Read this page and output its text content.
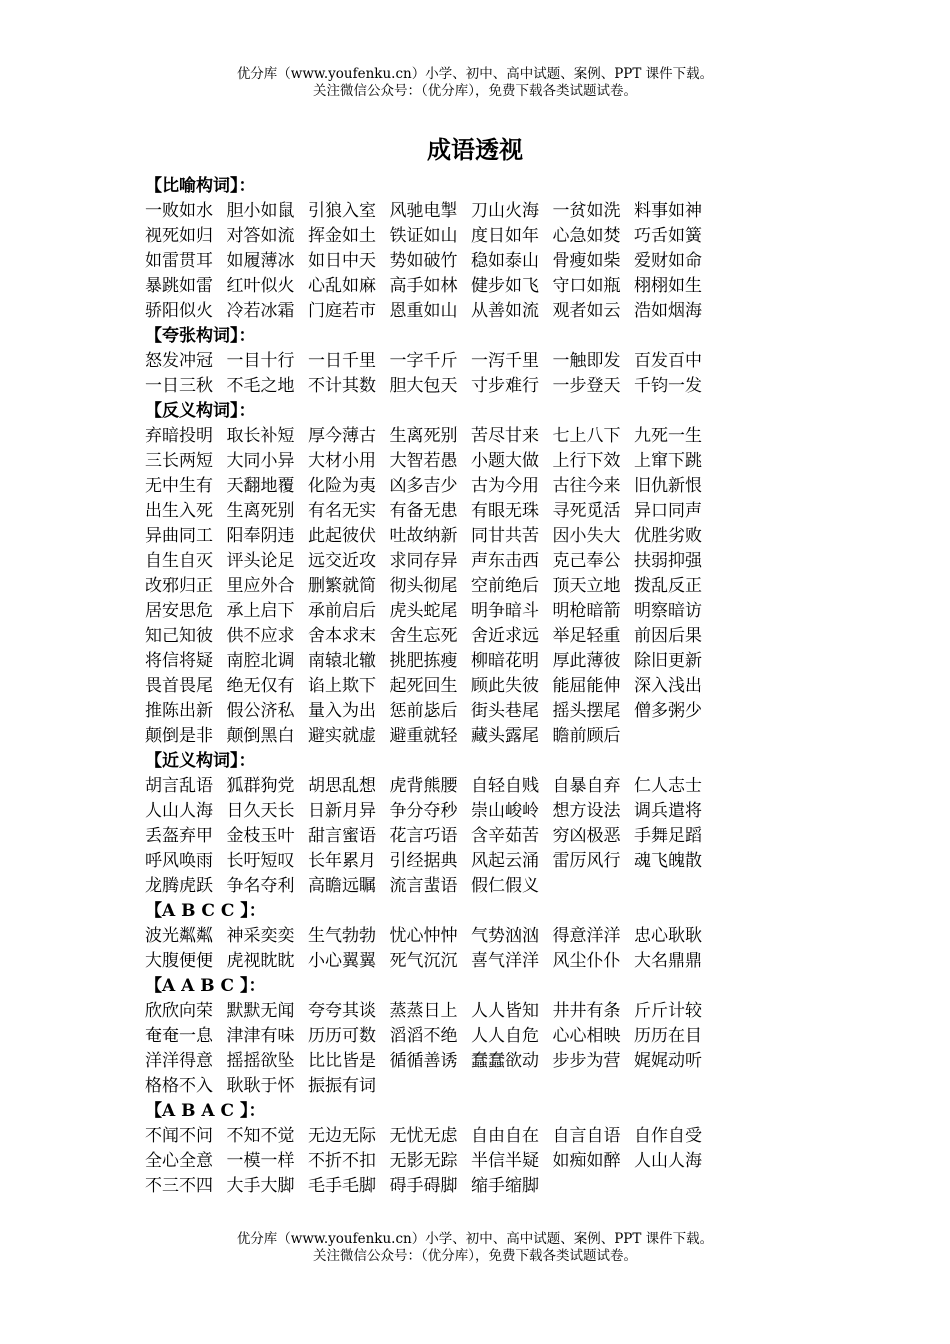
优分库（www.youfenku.cn）小学、初中、高中试题、案例、PPT 课件下载。
关注微信公众号：（优分库），免费下载各类试题试卷。
成语透视
【比喻构词】：
一败如水 胆小如鼠 引狼入室 风驰电掣 刀山火海 一贫如洗 料事如神
视死如归 对答如流 挥金如土 铁证如山 度日如年 心急如焚 巧舌如簧
如雷贯耳 如履薄冰 如日中天 势如破竹 稳如泰山 骨瘦如柴 爱财如命
暴跳如雷 红叶似火 心乱如麻 高手如林 健步如飞 守口如瓶 栩栩如生
骄阳似火 冷若冰霜 门庭若市 恩重如山 从善如流 观者如云 浩如烟海
【夸张构词】：
怒发冲冠 一目十行 一日千里 一字千斤 一泻千里 一触即发 百发百中
一日三秋 不毛之地 不计其数 胆大包天 寸步难行 一步登天 千钧一发
【反义构词】：
弃暗投明 取长补短 厚今薄古 生离死别 苦尽甘来 七上八下 九死一生
三长两短 大同小异 大材小用 大智若愚 小题大做 上行下效 上窜下跳
无中生有 天翻地覆 化险为夷 凶多吉少 古为今用 古往今来 旧仇新恨
出生入死 生离死别 有名无实 有备无患 有眼无珠 寻死觅活 异口同声
异曲同工 阳奉阴违 此起彼伏 吐故纳新 同甘共苦 因小失大 优胜劣败
自生自灭 评头论足 远交近攻 求同存异 声东击西 克己奉公 扶弱抑强
改邪归正 里应外合 删繁就简 彻头彻尾 空前绝后 顶天立地 拨乱反正
居安思危 承上启下 承前启后 虎头蛇尾 明争暗斗 明枪暗箭 明察暗访
知己知彼 供不应求 舍本求末 舍生忘死 舍近求远 举足轻重 前因后果
将信将疑 南腔北调 南辕北辙 挑肥拣瘦 柳暗花明 厚此薄彼 除旧更新
畏首畏尾 绝无仅有 谄上欺下 起死回生 顾此失彼 能屈能伸 深入浅出
推陈出新 假公济私 量入为出 惩前毖后 街头巷尾 摇头摆尾 僧多粥少
颠倒是非 颠倒黑白 避实就虚 避重就轻 藏头露尾 瞻前顾后
【近义构词】：
胡言乱语 狐群狗党 胡思乱想 虎背熊腰 自轻自贱 自暴自弃 仁人志士
人山人海 日久天长 日新月异 争分夺秒 崇山峻岭 想方设法 调兵遣将
丢盔弃甲 金枝玉叶 甜言蜜语 花言巧语 含辛茹苦 穷凶极恶 手舞足蹈
呼风唤雨 长吁短叹 长年累月 引经据典 风起云涌 雷厉风行 魂飞魄散
龙腾虎跃 争名夺利 高瞻远瞩 流言蜚语 假仁假义
【A B C C 】：
波光粼粼 神采奕奕 生气勃勃 忧心忡忡 气势汹汹 得意洋洋 忠心耿耿
大腹便便 虎视眈眈 小心翼翼 死气沉沉 喜气洋洋 风尘仆仆 大名鼎鼎
【A A B C 】：
欣欣向荣 默默无闻 夸夸其谈 蒸蒸日上 人人皆知 井井有条 斤斤计较
奄奄一息 津津有味 历历可数 滔滔不绝 人人自危 心心相映 历历在目
洋洋得意 摇摇欲坠 比比皆是 循循善诱 蠢蠢欲动 步步为营 娓娓动听
格格不入 耿耿于怀 振振有词
【A B A C 】：
不闻不问 不知不觉 无边无际 无忧无虑 自由自在 自言自语 自作自受
全心全意 一模一样 不折不扣 无影无踪 半信半疑 如痴如醉 人山人海
不三不四 大手大脚 毛手毛脚 碍手碍脚 缩手缩脚
优分库（www.youfenku.cn）小学、初中、高中试题、案例、PPT 课件下载。
关注微信公众号：（优分库），免费下载各类试题试卷。
